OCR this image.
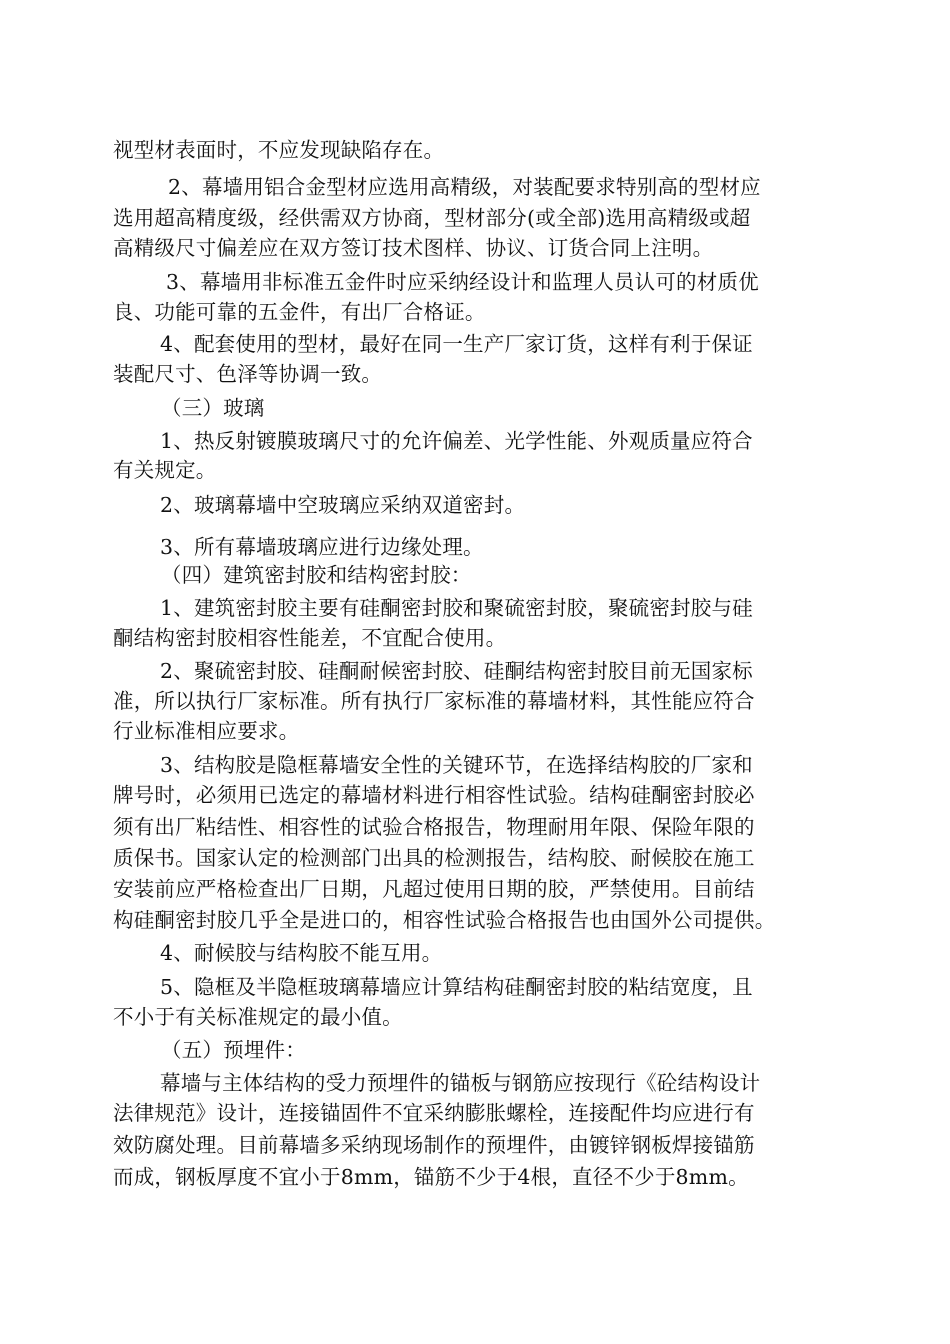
视型材表面时，不应发现缺陷存在。
2、幕墙用铝合金型材应选用高精级，对装配要求特别高的型材应
选用超高精度级，经供需双方协商，型材部分(或全部)选用高精级或超
高精级尺寸偏差应在双方签订技术图样、协议、订货合同上注明。
3、幕墙用非标准五金件时应采纳经设计和监理人员认可的材质优
良、功能可靠的五金件，有出厂合格证。
4、配套使用的型材，最好在同一生产厂家订货，这样有利于保证
装配尺寸、色泽等协调一致。
（三）玻璃
1、热反射镀膜玻璃尺寸的允许偏差、光学性能、外观质量应符合
有关规定。
2、玻璃幕墙中空玻璃应采纳双道密封。
3、所有幕墙玻璃应进行边缘处理。
（四）建筑密封胶和结构密封胶：
1、建筑密封胶主要有硅酮密封胶和聚硫密封胶，聚硫密封胶与硅
酮结构密封胶相容性能差，不宜配合使用。
2、聚硫密封胶、硅酮耐候密封胶、硅酮结构密封胶目前无国家标
准，所以执行厂家标准。所有执行厂家标准的幕墙材料，其性能应符合
行业标准相应要求。
3、结构胶是隐框幕墙安全性的关键环节，在选择结构胶的厂家和
牌号时，必须用已选定的幕墙材料进行相容性试验。结构硅酮密封胶必
须有出厂粘结性、相容性的试验合格报告，物理耐用年限、保险年限的
质保书。国家认定的检测部门出具的检测报告，结构胶、耐候胶在施工
安装前应严格检查出厂日期，凡超过使用日期的胶，严禁使用。目前结
构硅酮密封胶几乎全是进口的，相容性试验合格报告也由国外公司提供。
4、耐候胶与结构胶不能互用。
5、隐框及半隐框玻璃幕墙应计算结构硅酮密封胶的粘结宽度，且
不小于有关标准规定的最小值。
（五）预埋件：
幕墙与主体结构的受力预埋件的锚板与钢筋应按现行《砼结构设计
法律规范》设计，连接锚固件不宜采纳膨胀螺栓，连接配件均应进行有
效防腐处理。目前幕墙多采纳现场制作的预埋件，由镀锌钢板焊接锚筋
而成，钢板厚度不宜小于8mm，锚筋不少于4根，直径不少于8mm。
